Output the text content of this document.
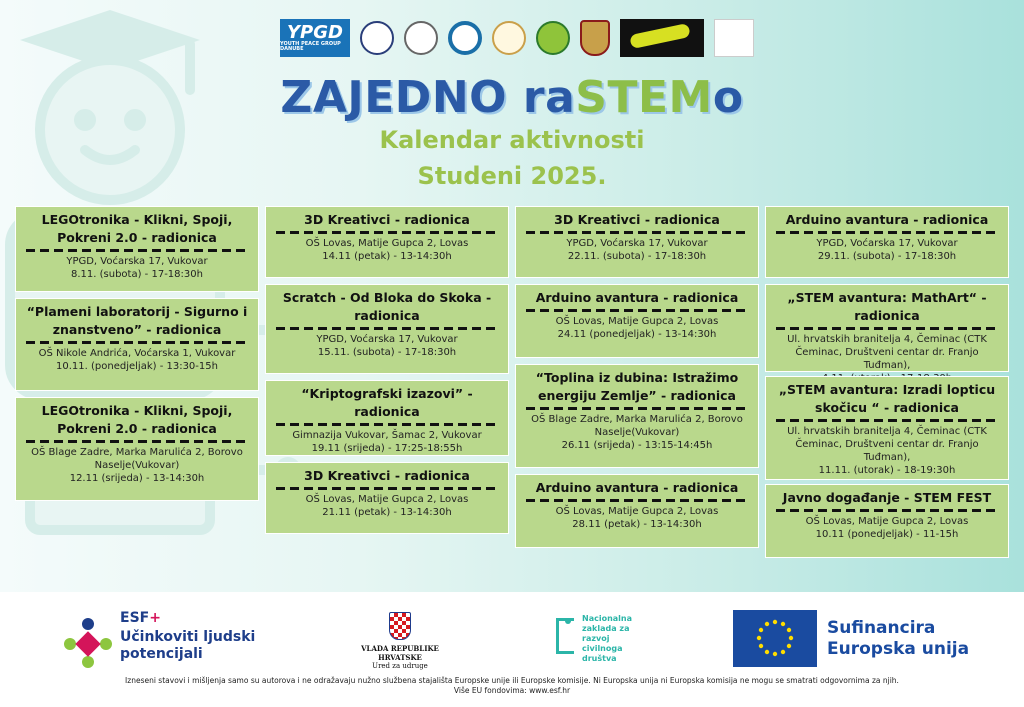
YPGD
YOUTH PEACE GROUP DANUBE
ZAJEDNO raSTEMo
Kalendar aktivnosti
Studeni 2025.
LEGOtronika - Klikni, Spoji, Pokreni 2.0 - radionica
YPGD, Voćarska 17, Vukovar
8.11. (subota) - 17-18:30h
“Plameni laboratorij - Sigurno i znanstveno” - radionica
OŠ Nikole Andrića, Voćarska 1, Vukovar
10.11. (ponedjeljak) - 13:30-15h
LEGOtronika - Klikni, Spoji, Pokreni 2.0 - radionica
OŠ Blage Zadre, Marka Marulića 2, Borovo Naselje(Vukovar)
12.11 (srijeda) - 13-14:30h
3D Kreativci - radionica
OŠ Lovas, Matije Gupca 2, Lovas
14.11 (petak) - 13-14:30h
Scratch - Od Bloka do Skoka - radionica
YPGD, Voćarska 17, Vukovar
15.11. (subota) - 17-18:30h
“Kriptografski izazovi” - radionica
Gimnazija Vukovar, Šamac 2, Vukovar
19.11 (srijeda) - 17:25-18:55h
3D Kreativci - radionica
OŠ Lovas, Matije Gupca 2, Lovas
21.11 (petak) - 13-14:30h
3D Kreativci - radionica
YPGD, Voćarska 17, Vukovar
22.11. (subota) - 17-18:30h
Arduino avantura - radionica
OŠ Lovas, Matije Gupca 2, Lovas
24.11 (ponedjeljak) - 13-14:30h
“Toplina iz dubina: Istražimo energiju Zemlje” - radionica
OŠ Blage Zadre, Marka Marulića 2, Borovo Naselje(Vukovar)
26.11 (srijeda) - 13:15-14:45h
Arduino avantura - radionica
OŠ Lovas, Matije Gupca 2, Lovas
28.11 (petak) - 13-14:30h
Arduino avantura - radionica
YPGD, Voćarska 17, Vukovar
29.11. (subota) - 17-18:30h
„STEM avantura: MathArt“ - radionica
Ul. hrvatskih branitelja 4, Čeminac (CTK Čeminac, Društveni centar dr. Franjo Tuđman),
„STEM avantura: Izradi lopticu skočicu “ - radionica
Ul. hrvatskih branitelja 4, Čeminac (CTK Čeminac, Društveni centar dr. Franjo Tuđman),
11.11. (utorak) - 18-19:30h
Javno događanje - STEM FEST
OŠ Lovas, Matije Gupca 2, Lovas
10.11 (ponedjeljak) - 11-15h
ESF+
Učinkoviti ljudski
potencijali	VLADA REPUBLIKE HRVATSKE
Ured za udruge
Nacionalna
zaklada za
razvoj
civilnoga
društva
Sufinancira
Europska unija
Izneseni stavovi i mišljenja samo su autorova i ne odražavaju nužno službena stajališta Europske unije ili Europske komisije. Ni Europska unija ni Europska komisija ne mogu se smatrati odgovornima za njih.
Više EU fondovima: www.esf.hr
